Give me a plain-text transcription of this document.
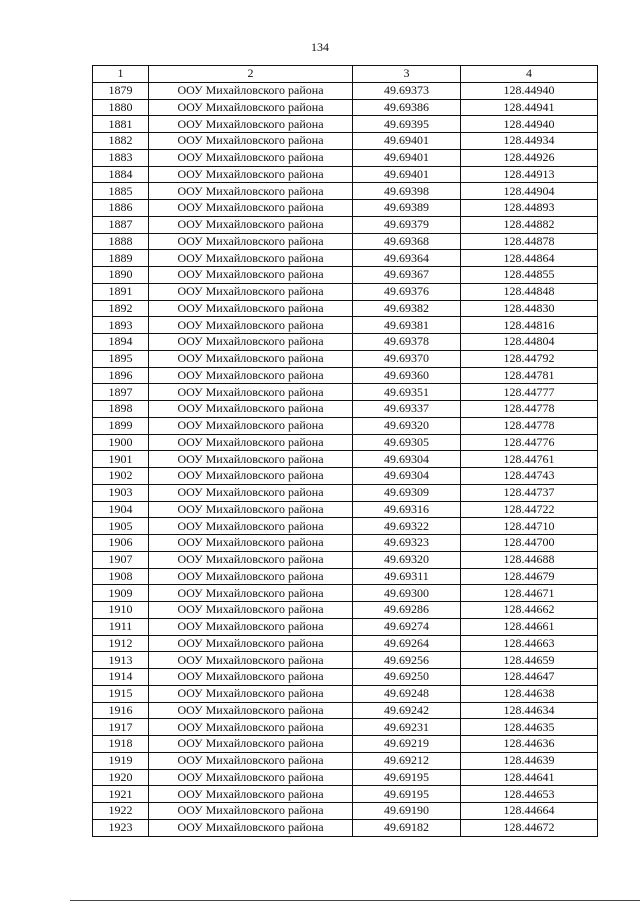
134
1	2	3	4
1879	ООУ Михайловского района	49.69373	128.44940
1880	ООУ Михайловского района	49.69386	128.44941
1881	ООУ Михайловского района	49.69395	128.44940
1882	ООУ Михайловского района	49.69401	128.44934
1883	ООУ Михайловского района	49.69401	128.44926
1884	ООУ Михайловского района	49.69401	128.44913
1885	ООУ Михайловского района	49.69398	128.44904
1886	ООУ Михайловского района	49.69389	128.44893
1887	ООУ Михайловского района	49.69379	128.44882
1888	ООУ Михайловского района	49.69368	128.44878
1889	ООУ Михайловского района	49.69364	128.44864
1890	ООУ Михайловского района	49.69367	128.44855
1891	ООУ Михайловского района	49.69376	128.44848
1892	ООУ Михайловского района	49.69382	128.44830
1893	ООУ Михайловского района	49.69381	128.44816
1894	ООУ Михайловского района	49.69378	128.44804
1895	ООУ Михайловского района	49.69370	128.44792
1896	ООУ Михайловского района	49.69360	128.44781
1897	ООУ Михайловского района	49.69351	128.44777
1898	ООУ Михайловского района	49.69337	128.44778
1899	ООУ Михайловского района	49.69320	128.44778
1900	ООУ Михайловского района	49.69305	128.44776
1901	ООУ Михайловского района	49.69304	128.44761
1902	ООУ Михайловского района	49.69304	128.44743
1903	ООУ Михайловского района	49.69309	128.44737
1904	ООУ Михайловского района	49.69316	128.44722
1905	ООУ Михайловского района	49.69322	128.44710
1906	ООУ Михайловского района	49.69323	128.44700
1907	ООУ Михайловского района	49.69320	128.44688
1908	ООУ Михайловского района	49.69311	128.44679
1909	ООУ Михайловского района	49.69300	128.44671
1910	ООУ Михайловского района	49.69286	128.44662
1911	ООУ Михайловского района	49.69274	128.44661
1912	ООУ Михайловского района	49.69264	128.44663
1913	ООУ Михайловского района	49.69256	128.44659
1914	ООУ Михайловского района	49.69250	128.44647
1915	ООУ Михайловского района	49.69248	128.44638
1916	ООУ Михайловского района	49.69242	128.44634
1917	ООУ Михайловского района	49.69231	128.44635
1918	ООУ Михайловского района	49.69219	128.44636
1919	ООУ Михайловского района	49.69212	128.44639
1920	ООУ Михайловского района	49.69195	128.44641
1921	ООУ Михайловского района	49.69195	128.44653
1922	ООУ Михайловского района	49.69190	128.44664
1923	ООУ Михайловского района	49.69182	128.44672
